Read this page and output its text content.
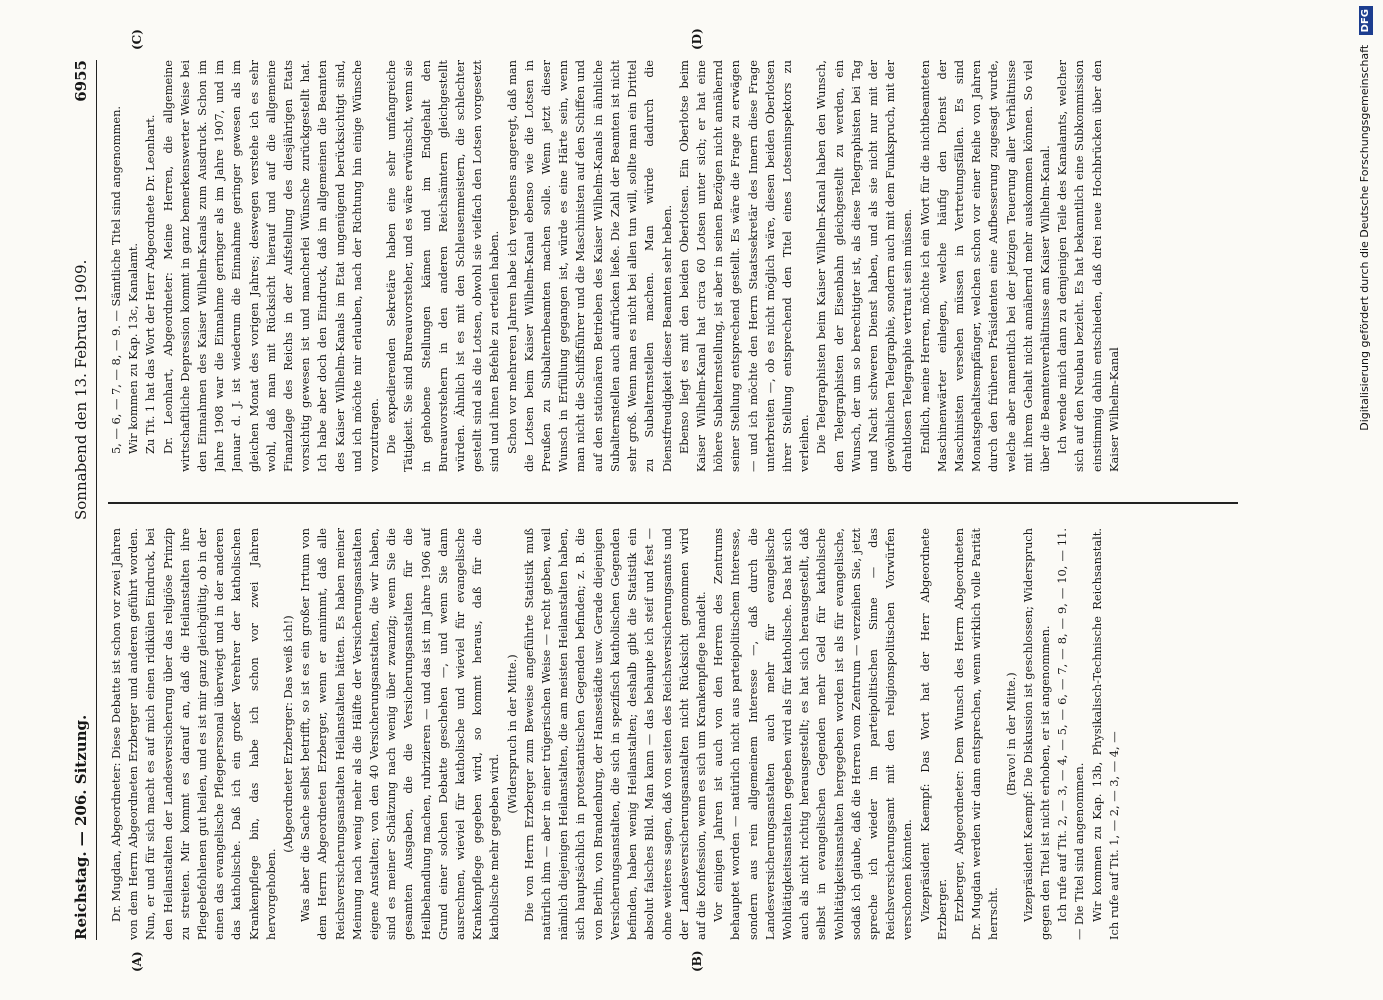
Reichstag. — 206. Sitzung.
Sonnabend den 13. Februar 1909.
6955
(A)	(B)
(C)	(D)

Dr. Mugdan, Abgeordneter: Diese Debatte ist schon vor zwei Jahren von dem Herrn Abgeordneten Erzberger und anderen geführt worden. Nun, er und für sich macht es auf mich einen ridikülen Eindruck, bei den Heilanstalten der Landesversicherung über das religiöse Prinzip zu streiten. Mir kommt es darauf an, daß die Heilanstalten ihre Pflegebefohlenen gut heilen, und es ist mir ganz gleichgültig, ob in der einen das evangelische Pflegepersonal überwiegt und in der anderen das katholische. Daß ich ein großer Verehrer der katholischen Krankenpflege bin, das habe ich schon vor zwei Jahren hervorgehoben.

(Abgeordneter Erzberger: Das weiß ich!) Was aber die Sache selbst betrifft, so ist es ein großer Irrtum von dem Herrn Abgeordneten Erzberger, wenn er annimmt, daß alle Reichsversicherungsanstalten Heilanstalten hätten. Es haben meiner Meinung nach wenig mehr als die Hälfte der Versicherungsanstalten eigene Anstalten; von den 40 Versicherungsanstalten, die wir haben, sind es meiner Schätzung nach wenig über zwanzig; wenn Sie die gesamten Ausgaben, die die Versicherungsanstalten für die Heilbehandlung machen, rubrizieren — und das ist im Jahre 1906 auf Grund einer solchen Debatte geschehen —, und wenn Sie dann ausrechnen, wieviel für katholische und wieviel für evangelische Krankenpflege gegeben wird, so kommt heraus, daß für die katholische mehr gegeben wird.

(Widerspruch in der Mitte.) Die von Herrn Erzberger zum Beweise angeführte Statistik muß natürlich ihm — aber in einer trügerischen Weise — recht geben, weil nämlich diejenigen Heilanstalten, die am meisten Heilanstalten haben, sich hauptsächlich in protestantischen Gegenden befinden; z. B. die von Berlin, von Brandenburg, der Hansestädte usw. Gerade diejenigen Versicherungsanstalten, die sich in spezifisch katholischen Gegenden befinden, haben wenig Heilanstalten; deshalb gibt die Statistik ein absolut falsches Bild. Man kann — das behaupte ich steif und fest — ohne weiteres sagen, daß von seiten des Reichsversicherungsamts und der Landesversicherungsanstalten nicht Rücksicht genommen wird auf die Konfession, wenn es sich um Krankenpflege handelt. Vor einigen Jahren ist auch von den Herren des Zentrums behauptet worden — natürlich nicht aus parteipolitischem Interesse, sondern aus rein allgemeinem Interesse —, daß durch die Landesversicherungsanstalten auch mehr für evangelische Wohltätigkeitsanstalten gegeben wird als für katholische. Das hat sich auch als nicht richtig herausgestellt; es hat sich herausgestellt, daß selbst in evangelischen Gegenden mehr Geld für katholische Wohltätigkeitsanstalten hergegeben worden ist als für evangelische, sodaß ich glaube, daß die Herren vom Zentrum — verzeihen Sie, jetzt spreche ich wieder im parteipolitischen Sinne — das Reichsversicherungsamt mit den religionspolitischen Vorwürfen verschonen könnten. Vizepräsident Kaempf: Das Wort hat der Herr Abgeordnete Erzberger. Erzberger, Abgeordneter: Dem Wunsch des Herrn Abgeordneten Dr. Mugdan werden wir dann entsprechen, wenn wirklich volle Parität herrscht.

(Bravo! in der Mitte.) Vizepräsident Kaempf: Die Diskussion ist geschlossen; Widerspruch gegen den Titel ist nicht erhoben, er ist angenommen. Ich rufe auf Tit. 2, — 3, — 4, — 5, — 6, — 7, — 8, — 9, — 10, — 11. — Die Titel sind angenommen. Wir kommen zu Kap. 13b, Physikalisch-Technische Reichsanstalt. Ich rufe auf Tit. 1, — 2, — 3, — 4, —

5, — 6, — 7, — 8, — 9. — Sämtliche Titel sind angenommen. Wir kommen zu Kap. 13c, Kanalamt. Zu Tit. 1 hat das Wort der Herr Abgeordnete Dr. Leonhart. Dr. Leonhart, Abgeordneter: Meine Herren, die allgemeine wirtschaftliche Depression kommt in ganz bemerkenswerter Weise bei den Einnahmen des Kaiser Wilhelm-Kanals zum Ausdruck. Schon im Jahre 1908 war die Einnahme geringer als im Jahre 1907, und im Januar d. J. ist wiederum die Einnahme geringer gewesen als im gleichen Monat des vorigen Jahres; deswegen verstehe ich es sehr wohl, daß man mit Rücksicht hierauf und auf die allgemeine Finanzlage des Reichs in der Aufstellung des diesjährigen Etats vorsichtig gewesen ist und mancherlei Wünsche zurückgestellt hat. Ich habe aber doch den Eindruck, daß im allgemeinen die Beamten des Kaiser Wilhelm-Kanals im Etat ungenügend berücksichtigt sind, und ich möchte mir erlauben, nach der Richtung hin einige Wünsche vorzutragen. Die expedierenden Sekretäre haben eine sehr umfangreiche Tätigkeit. Sie sind Bureauvorsteher, und es wäre erwünscht, wenn sie in gehobene Stellungen kämen und im Endgehalt den Bureauvorstehern in den anderen Reichsämtern gleichgestellt würden. Ähnlich ist es mit den Schleusenmeistern, die schlechter gestellt sind als die Lotsen, obwohl sie vielfach den Lotsen vorgesetzt sind und ihnen Befehle zu erteilen haben. Schon vor mehreren Jahren habe ich vergebens angeregt, daß man die Lotsen beim Kaiser Wilhelm-Kanal ebenso wie die Lotsen in Preußen zu Subalternbeamten machen solle. Wenn jetzt dieser Wunsch in Erfüllung gegangen ist, würde es eine Härte sein, wenn man nicht die Schiffsführer und die Maschinisten auf den Schiffen und auf den stationären Betrieben des Kaiser Wilhelm-Kanals in ähnliche Subalternstellen auch aufrücken ließe. Die Zahl der Beamten ist nicht sehr groß. Wenn man es nicht bei allen tun will, sollte man ein Drittel zu Subalternstellen machen. Man würde dadurch die Dienstfreudigkeit dieser Beamten sehr heben. Ebenso liegt es mit den beiden Oberlotsen. Ein Oberlotse beim Kaiser Wilhelm-Kanal hat circa 60 Lotsen unter sich; er hat eine höhere Subalternstellung, ist aber in seinen Bezügen nicht annähernd seiner Stellung entsprechend gestellt. Es wäre die Frage zu erwägen — und ich möchte den Herrn Staatssekretär des Innern diese Frage unterbreiten —, ob es nicht möglich wäre, diesen beiden Oberlotsen ihrer Stellung entsprechend den Titel eines Lotseninspektors zu verleihen. Die Telegraphisten beim Kaiser Wilhelm-Kanal haben den Wunsch, den Telegraphisten der Eisenbahn gleichgestellt zu werden, ein Wunsch, der um so berechtigter ist, als diese Telegraphisten bei Tag und Nacht schweren Dienst haben, und als sie nicht nur mit der gewöhnlichen Telegraphie, sondern auch mit dem Funkspruch, mit der drahtlosen Telegraphie vertraut sein müssen. Endlich, meine Herren, möchte ich ein Wort für die nichtbeamteten Maschinenwärter einlegen, welche häufig den Dienst der Maschinisten versehen müssen in Vertretungsfällen. Es sind Monatsgehaltsempfänger, welchen schon vor einer Reihe von Jahren durch den früheren Präsidenten eine Aufbesserung zugesagt wurde, welche aber namentlich bei der jetzigen Teuerung aller Verhältnisse mit ihrem Gehalt nicht annähernd mehr auskommen können. So viel über die Beamtenverhältnisse am Kaiser Wilhelm-Kanal. Ich wende mich dann zu demjenigen Teile des Kanalamts, welcher sich auf den Neubau bezieht. Es hat bekanntlich eine Subkommission einstimmig dahin entschieden, daß drei neue Hochbrücken über den Kaiser Wilhelm-Kanal	Digitalisierung gefördert durch die Deutsche Forschungsgemeinschaft DFG
